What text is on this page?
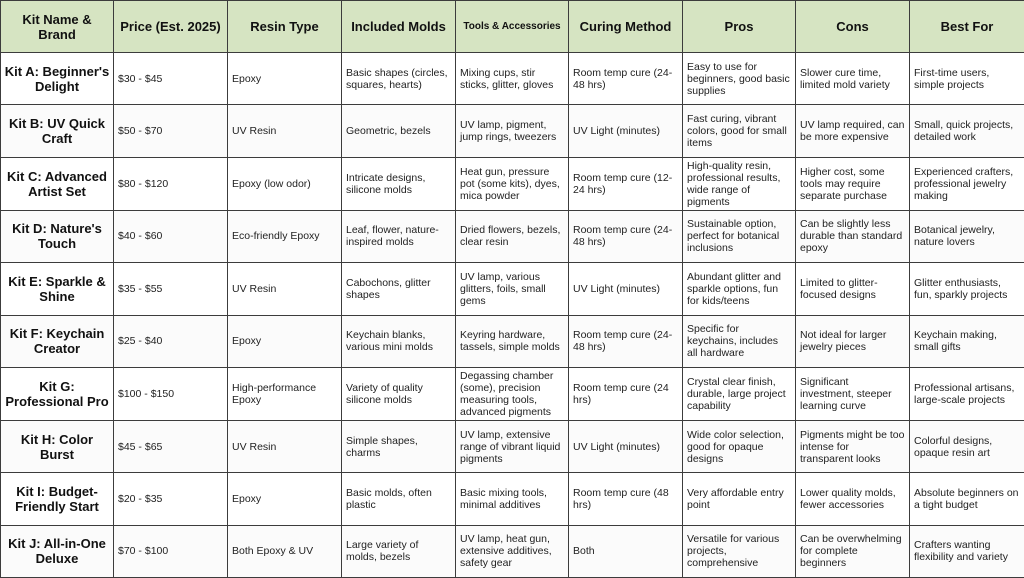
Kit Name & Brand	Price (Est. 2025)	Resin Type	Included Molds	Tools & Accessories	Curing Method	Pros	Cons	Best For
Kit A: Beginner's Delight	$30 - $45	Epoxy	Basic shapes (circles, squares, hearts)	Mixing cups, stir sticks, glitter, gloves	Room temp cure (24-48 hrs)	Easy to use for beginners, good basic supplies	Slower cure time, limited mold variety	First-time users, simple projects
Kit B: UV Quick Craft	$50 - $70	UV Resin	Geometric, bezels	UV lamp, pigment, jump rings, tweezers	UV Light (minutes)	Fast curing, vibrant colors, good for small items	UV lamp required, can be more expensive	Small, quick projects, detailed work
Kit C: Advanced Artist Set	$80 - $120	Epoxy (low odor)	Intricate designs, silicone molds	Heat gun, pressure pot (some kits), dyes, mica powder	Room temp cure (12-24 hrs)	High-quality resin, professional results, wide range of pigments	Higher cost, some tools may require separate purchase	Experienced crafters, professional jewelry making
Kit D: Nature's Touch	$40 - $60	Eco-friendly Epoxy	Leaf, flower, nature-inspired molds	Dried flowers, bezels, clear resin	Room temp cure (24-48 hrs)	Sustainable option, perfect for botanical inclusions	Can be slightly less durable than standard epoxy	Botanical jewelry, nature lovers
Kit E: Sparkle & Shine	$35 - $55	UV Resin	Cabochons, glitter shapes	UV lamp, various glitters, foils, small gems	UV Light (minutes)	Abundant glitter and sparkle options, fun for kids/teens	Limited to glitter-focused designs	Glitter enthusiasts, fun, sparkly projects
Kit F: Keychain Creator	$25 - $40	Epoxy	Keychain blanks, various mini molds	Keyring hardware, tassels, simple molds	Room temp cure (24-48 hrs)	Specific for keychains, includes all hardware	Not ideal for larger jewelry pieces	Keychain making, small gifts
Kit G: Professional Pro	$100 - $150	High-performance Epoxy	Variety of quality silicone molds	Degassing chamber (some), precision measuring tools, advanced pigments	Room temp cure (24 hrs)	Crystal clear finish, durable, large project capability	Significant investment, steeper learning curve	Professional artisans, large-scale projects
Kit H: Color Burst	$45 - $65	UV Resin	Simple shapes, charms	UV lamp, extensive range of vibrant liquid pigments	UV Light (minutes)	Wide color selection, good for opaque designs	Pigments might be too intense for transparent looks	Colorful designs, opaque resin art
Kit I: Budget-Friendly Start	$20 - $35	Epoxy	Basic molds, often plastic	Basic mixing tools, minimal additives	Room temp cure (48 hrs)	Very affordable entry point	Lower quality molds, fewer accessories	Absolute beginners on a tight budget
Kit J: All-in-One Deluxe	$70 - $100	Both Epoxy & UV	Large variety of molds, bezels	UV lamp, heat gun, extensive additives, safety gear	Both	Versatile for various projects, comprehensive	Can be overwhelming for complete beginners	Crafters wanting flexibility and variety
